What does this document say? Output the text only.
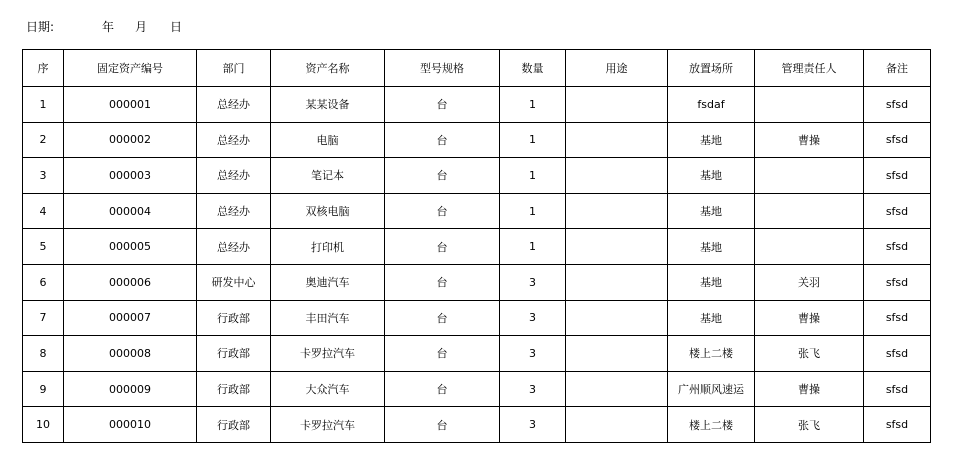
日期:	年 月 日
序	固定资产编号	部门	资产名称	型号规格	数量	用途	放置场所	管理责任人	备注
1	000001	总经办	某某设备	台	1		fsdaf		sfsd
2	000002	总经办	电脑	台	1		基地	曹操	sfsd
3	000003	总经办	笔记本	台	1		基地		sfsd
4	000004	总经办	双核电脑	台	1		基地		sfsd
5	000005	总经办	打印机	台	1		基地		sfsd
6	000006	研发中心	奥迪汽车	台	3		基地	关羽	sfsd
7	000007	行政部	丰田汽车	台	3		基地	曹操	sfsd
8	000008	行政部	卡罗拉汽车	台	3		楼上二楼	张飞	sfsd
9	000009	行政部	大众汽车	台	3		广州顺风速运	曹操	sfsd
10	000010	行政部	卡罗拉汽车	台	3		楼上二楼	张飞	sfsd
